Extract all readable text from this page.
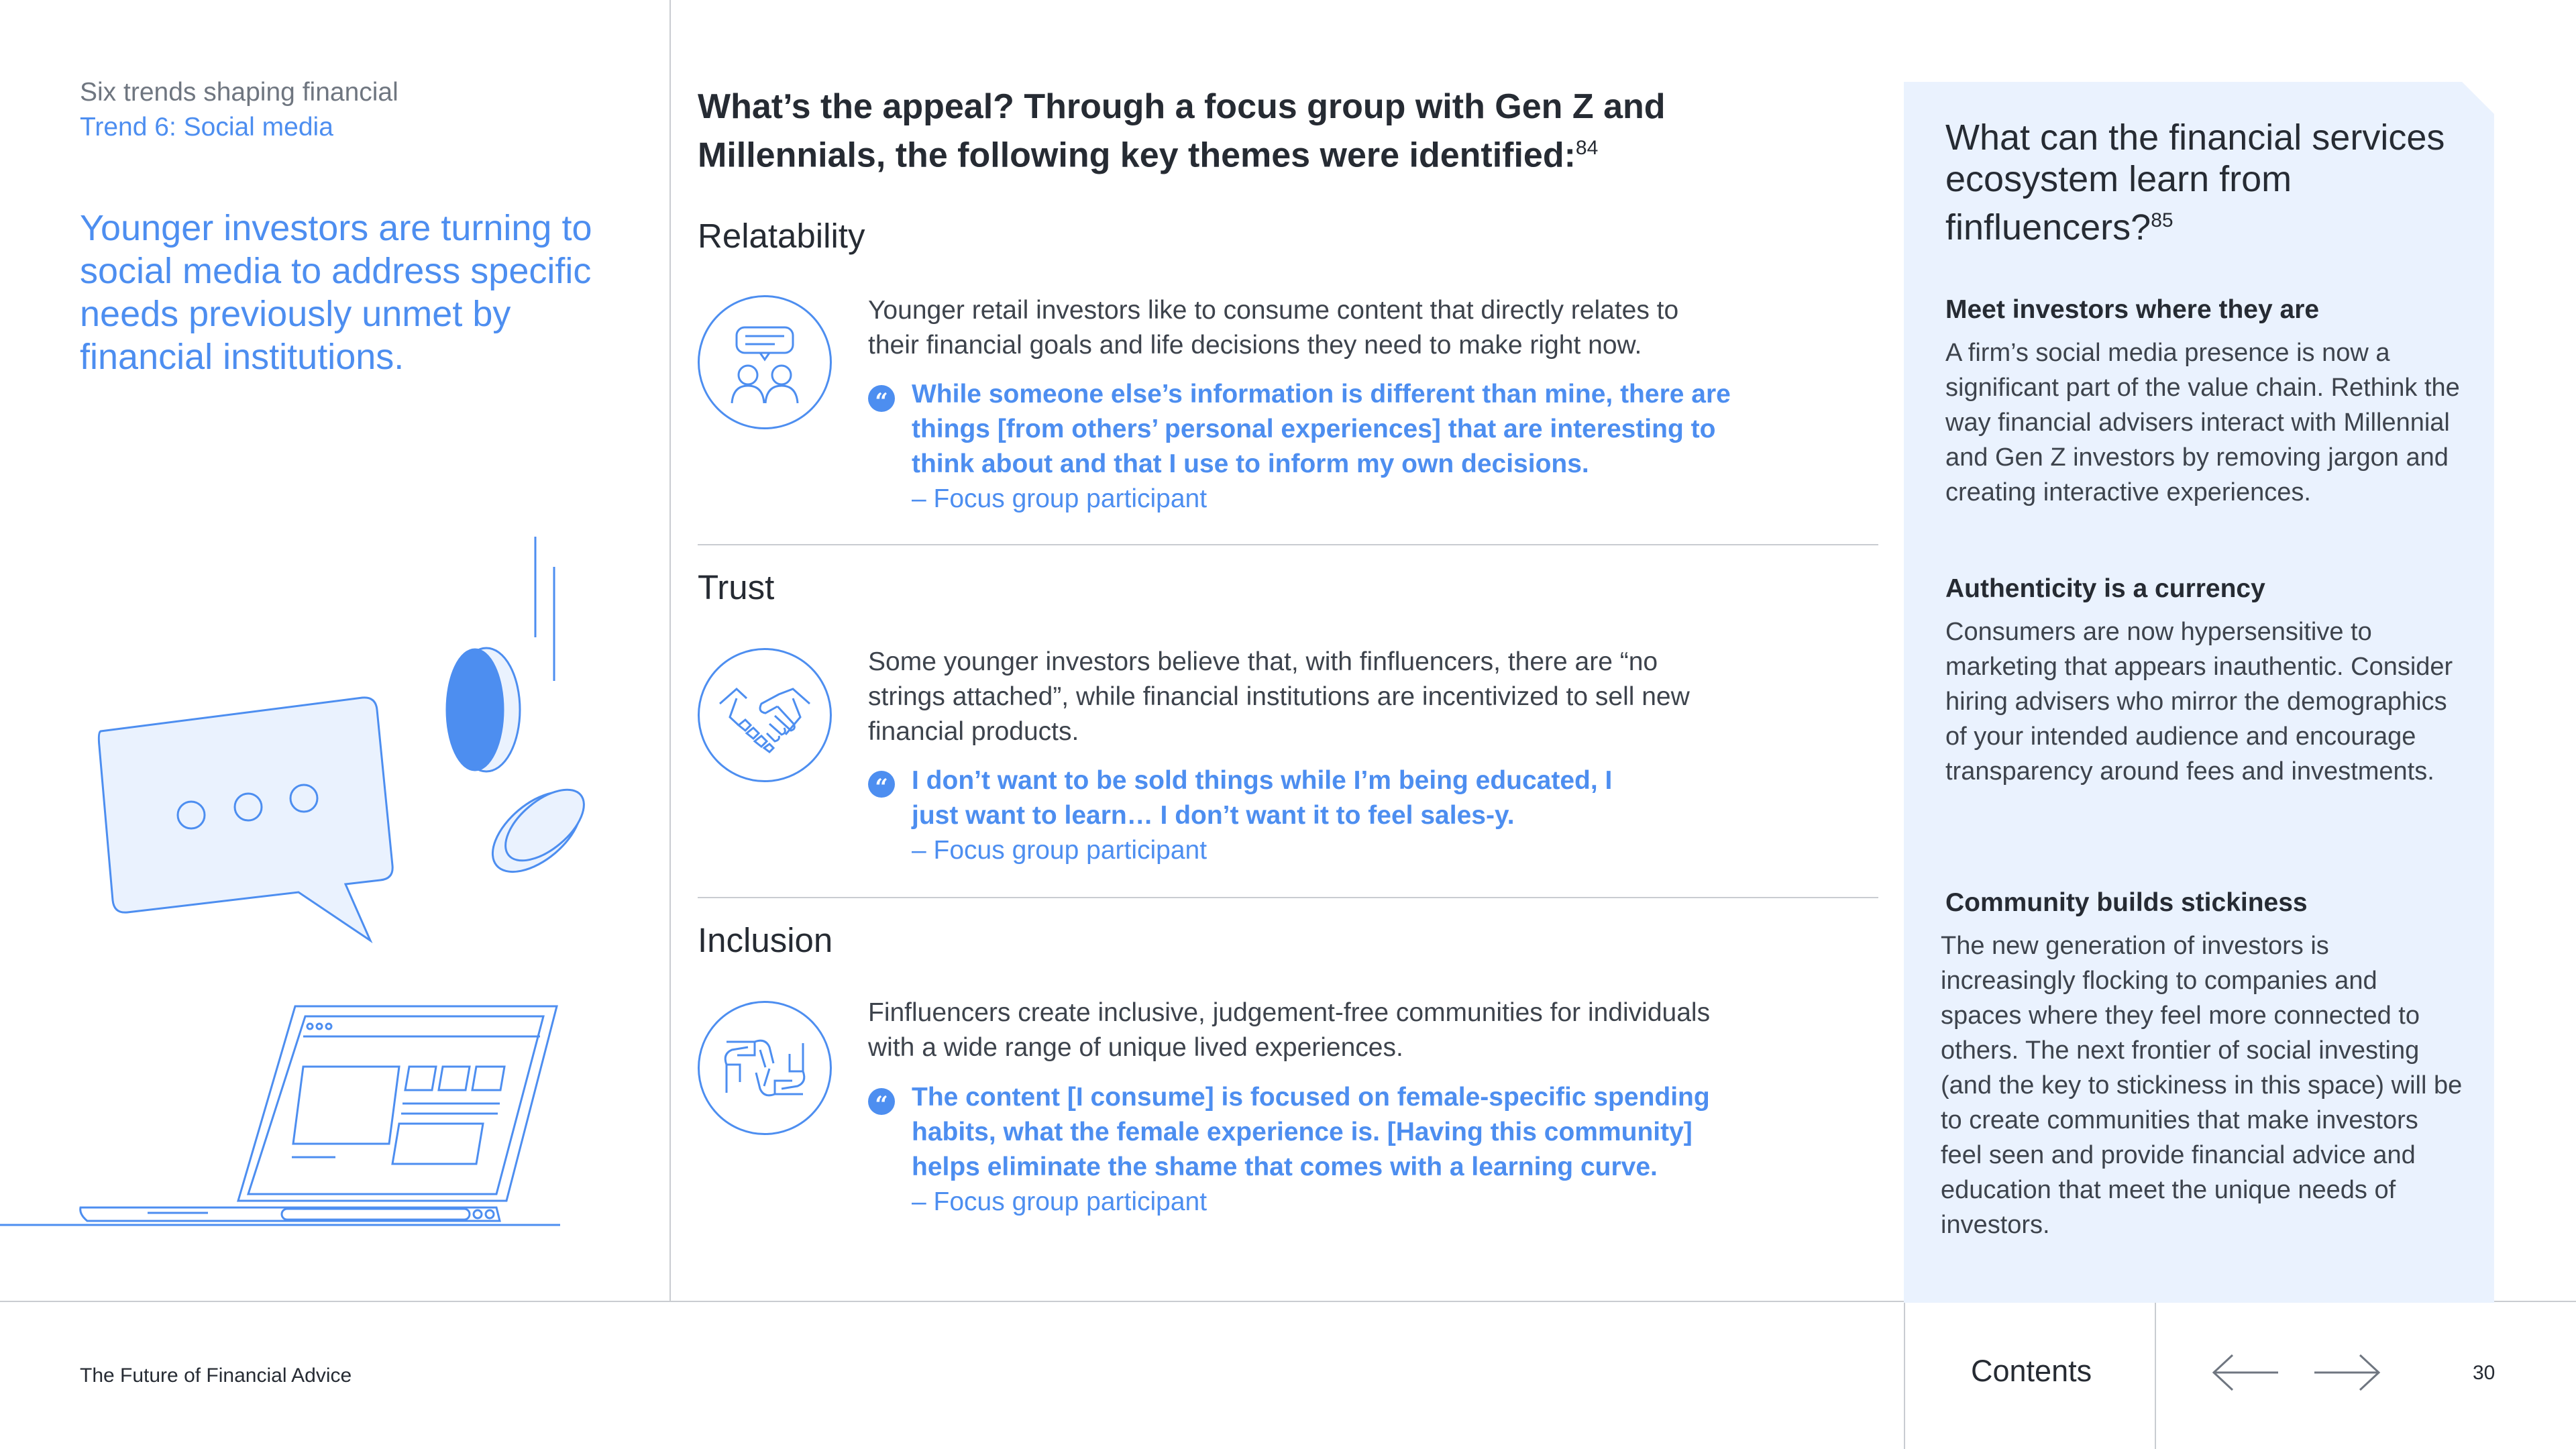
Six trends shaping financial
Trend 6: Social media
Younger investors are turning to social media to address specific needs previously unmet by financial institutions.
What’s the appeal? Through a focus group with Gen Z and Millennials, the following key themes were identified:$^{84}$
Relatability
Younger retail investors like to consume content that directly relates to their financial goals and life decisions they need to make right now.
“ While someone else’s information is different than mine, there are things [from others’ personal experiences] that are interesting to think about and that I use to inform my own decisions.
– Focus group participant
Trust
Some younger investors believe that, with finfluencers, there are “no strings attached”, while financial institutions are incentivized to sell new financial products.
“ I don’t want to be sold things while I’m being educated, I just want to learn… I don’t want it to feel sales-y.
– Focus group participant
Inclusion
Finfluencers create inclusive, judgement-free communities for individuals with a wide range of unique lived experiences.
“ The content [I consume] is focused on female-specific spending habits, what the female experience is. [Having this community] helps eliminate the shame that comes with a learning curve.
– Focus group participant
What can the financial services ecosystem learn from finfluencers?$^{85}$
Meet investors where they are
A firm’s social media presence is now a significant part of the value chain. Rethink the way financial advisers interact with Millennial and Gen Z investors by removing jargon and creating interactive experiences.
Authenticity is a currency
Consumers are now hypersensitive to marketing that appears inauthentic. Consider hiring advisers who mirror the demographics of your intended audience and encourage transparency around fees and investments.
Community builds stickiness
The new generation of investors is increasingly flocking to companies and spaces where they feel more connected to others. The next frontier of social investing (and the key to stickiness in this space) will be to create communities that make investors feel seen and provide financial advice and education that meet the unique needs of investors.
The Future of Financial Advice	Contents	30
